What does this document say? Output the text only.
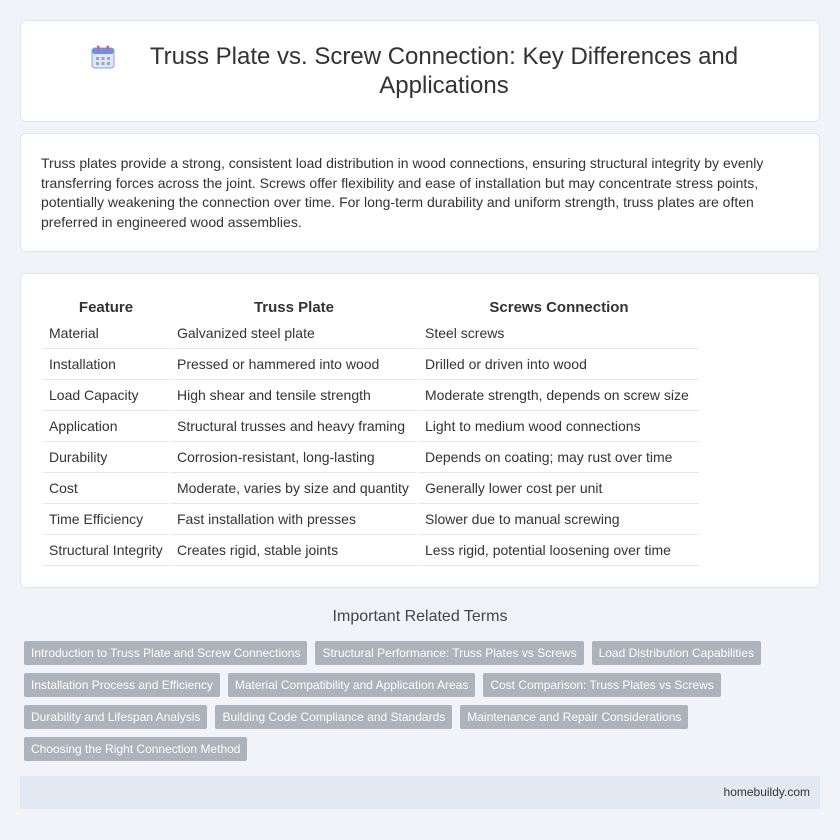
Truss Plate vs. Screw Connection: Key Differences and Applications

Truss plates provide a strong, consistent load distribution in wood connections, ensuring structural integrity by evenly transferring forces across the joint. Screws offer flexibility and ease of installation but may concentrate stress points, potentially weakening the connection over time. For long-term durability and uniform strength, truss plates are often preferred in engineered wood assemblies.

Feature	Truss Plate	Screws Connection
Material	Galvanized steel plate	Steel screws
Installation	Pressed or hammered into wood	Drilled or driven into wood
Load Capacity	High shear and tensile strength	Moderate strength, depends on screw size
Application	Structural trusses and heavy framing	Light to medium wood connections
Durability	Corrosion-resistant, long-lasting	Depends on coating; may rust over time
Cost	Moderate, varies by size and quantity	Generally lower cost per unit
Time Efficiency	Fast installation with presses	Slower due to manual screwing
Structural Integrity	Creates rigid, stable joints	Less rigid, potential loosening over time
Important Related Terms
Introduction to Truss Plate and Screw Connections	Structural Performance: Truss Plates vs Screws	Load Distribution Capabilities
Installation Process and Efficiency	Material Compatibility and Application Areas	Cost Comparison: Truss Plates vs Screws
Durability and Lifespan Analysis	Building Code Compliance and Standards	Maintenance and Repair Considerations
Choosing the Right Connection Method
homebuildy.com
